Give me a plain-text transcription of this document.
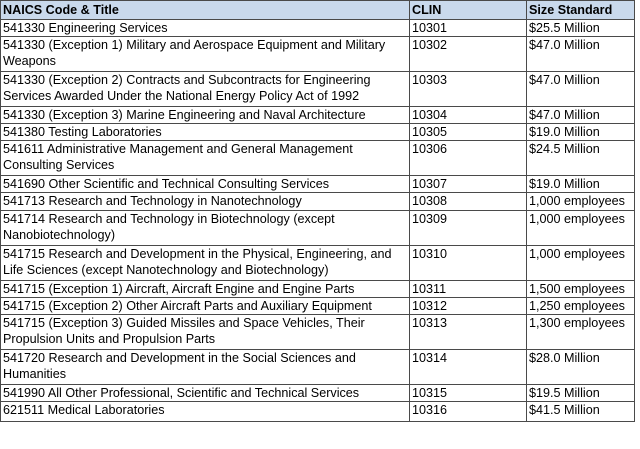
NAICS Code & Title	CLIN	Size Standard
541330 Engineering Services	10301	$25.5 Million
541330 (Exception 1) Military and Aerospace Equipment and Military Weapons	10302	$47.0 Million
541330 (Exception 2) Contracts and Subcontracts for Engineering Services Awarded Under the National Energy Policy Act of 1992	10303	$47.0 Million
541330 (Exception 3) Marine Engineering and Naval Architecture	10304	$47.0 Million
541380 Testing Laboratories	10305	$19.0 Million
541611 Administrative Management and General Management Consulting Services	10306	$24.5 Million
541690 Other Scientific and Technical Consulting Services	10307	$19.0 Million
541713 Research and Technology in Nanotechnology	10308	1,000 employees
541714 Research and Technology in Biotechnology (except Nanobiotechnology)	10309	1,000 employees
541715 Research and Development in the Physical, Engineering, and Life Sciences (except Nanotechnology and Biotechnology)	10310	1,000 employees
541715 (Exception 1) Aircraft, Aircraft Engine and Engine Parts	10311	1,500 employees
541715 (Exception 2) Other Aircraft Parts and Auxiliary Equipment	10312	1,250 employees
541715 (Exception 3) Guided Missiles and Space Vehicles, Their Propulsion Units and Propulsion Parts	10313	1,300 employees
541720 Research and Development in the Social Sciences and Humanities	10314	$28.0 Million
541990 All Other Professional, Scientific and Technical Services	10315	$19.5 Million
621511 Medical Laboratories	10316	$41.5 Million
